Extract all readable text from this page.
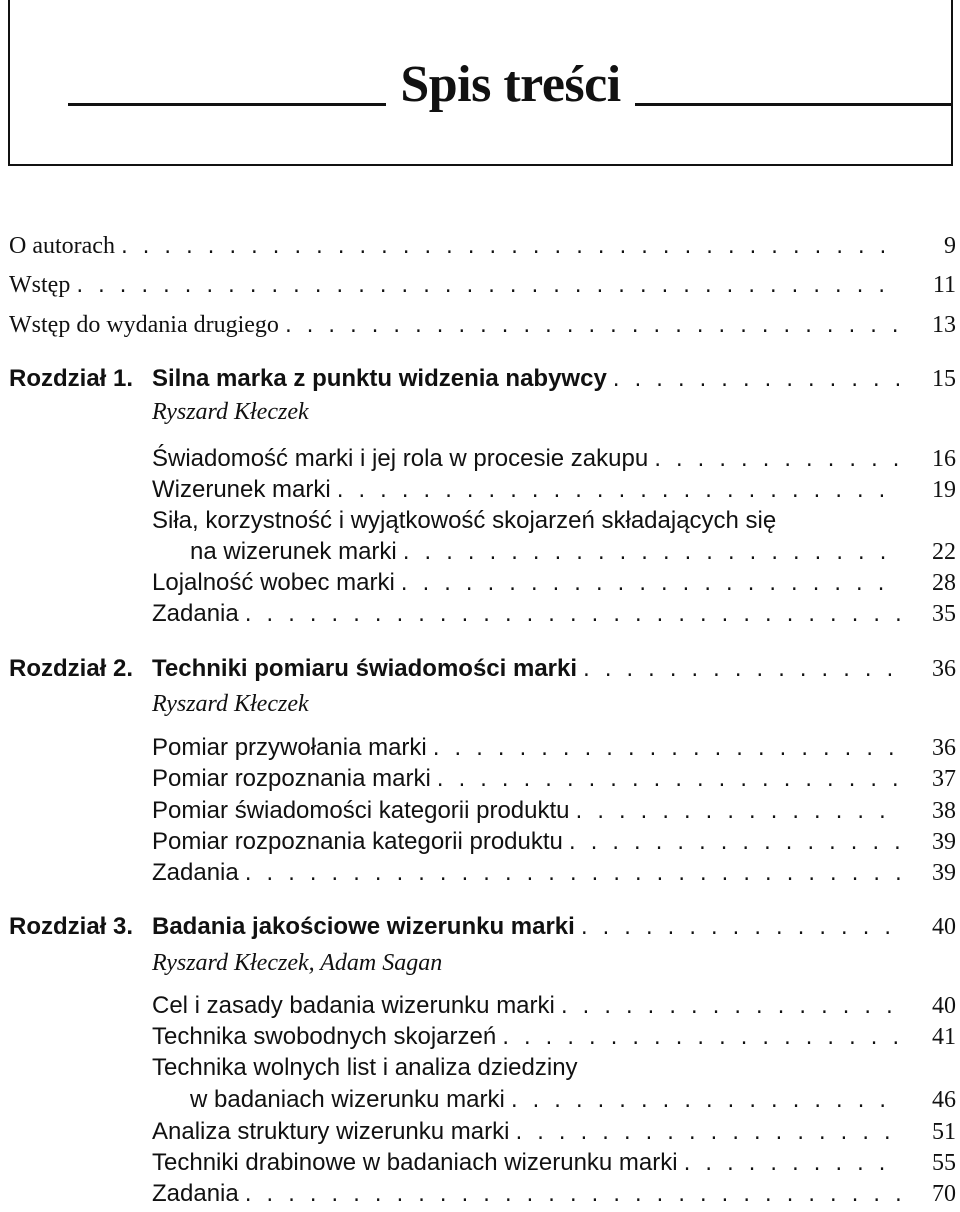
Spis treści
O autorach . . .	9
Wstęp . . .	11
Wstęp do wydania drugiego . . .	13
Rozdział 1. Silna marka z punktu widzenia nabywcy . . .	15
Ryszard Kłeczek
Świadomość marki i jej rola w procesie zakupu . . .	16
Wizerunek marki . . .	19
Siła, korzystność i wyjątkowość skojarzeń składających się
na wizerunek marki . . .	22
Lojalność wobec marki . . .	28
Zadania . . .	35
Rozdział 2. Techniki pomiaru świadomości marki . . .	36
Ryszard Kłeczek
Pomiar przywołania marki . . .	36
Pomiar rozpoznania marki . . .	37
Pomiar świadomości kategorii produktu . . .	38
Pomiar rozpoznania kategorii produktu . . .	39
Zadania . . .	39
Rozdział 3. Badania jakościowe wizerunku marki . . .	40
Ryszard Kłeczek, Adam Sagan
Cel i zasady badania wizerunku marki . . .	40
Technika swobodnych skojarzeń . . .	41
Technika wolnych list i analiza dziedziny
w badaniach wizerunku marki . . .	46
Analiza struktury wizerunku marki . . .	51
Techniki drabinowe w badaniach wizerunku marki . . .	55
Zadania . . .	70
